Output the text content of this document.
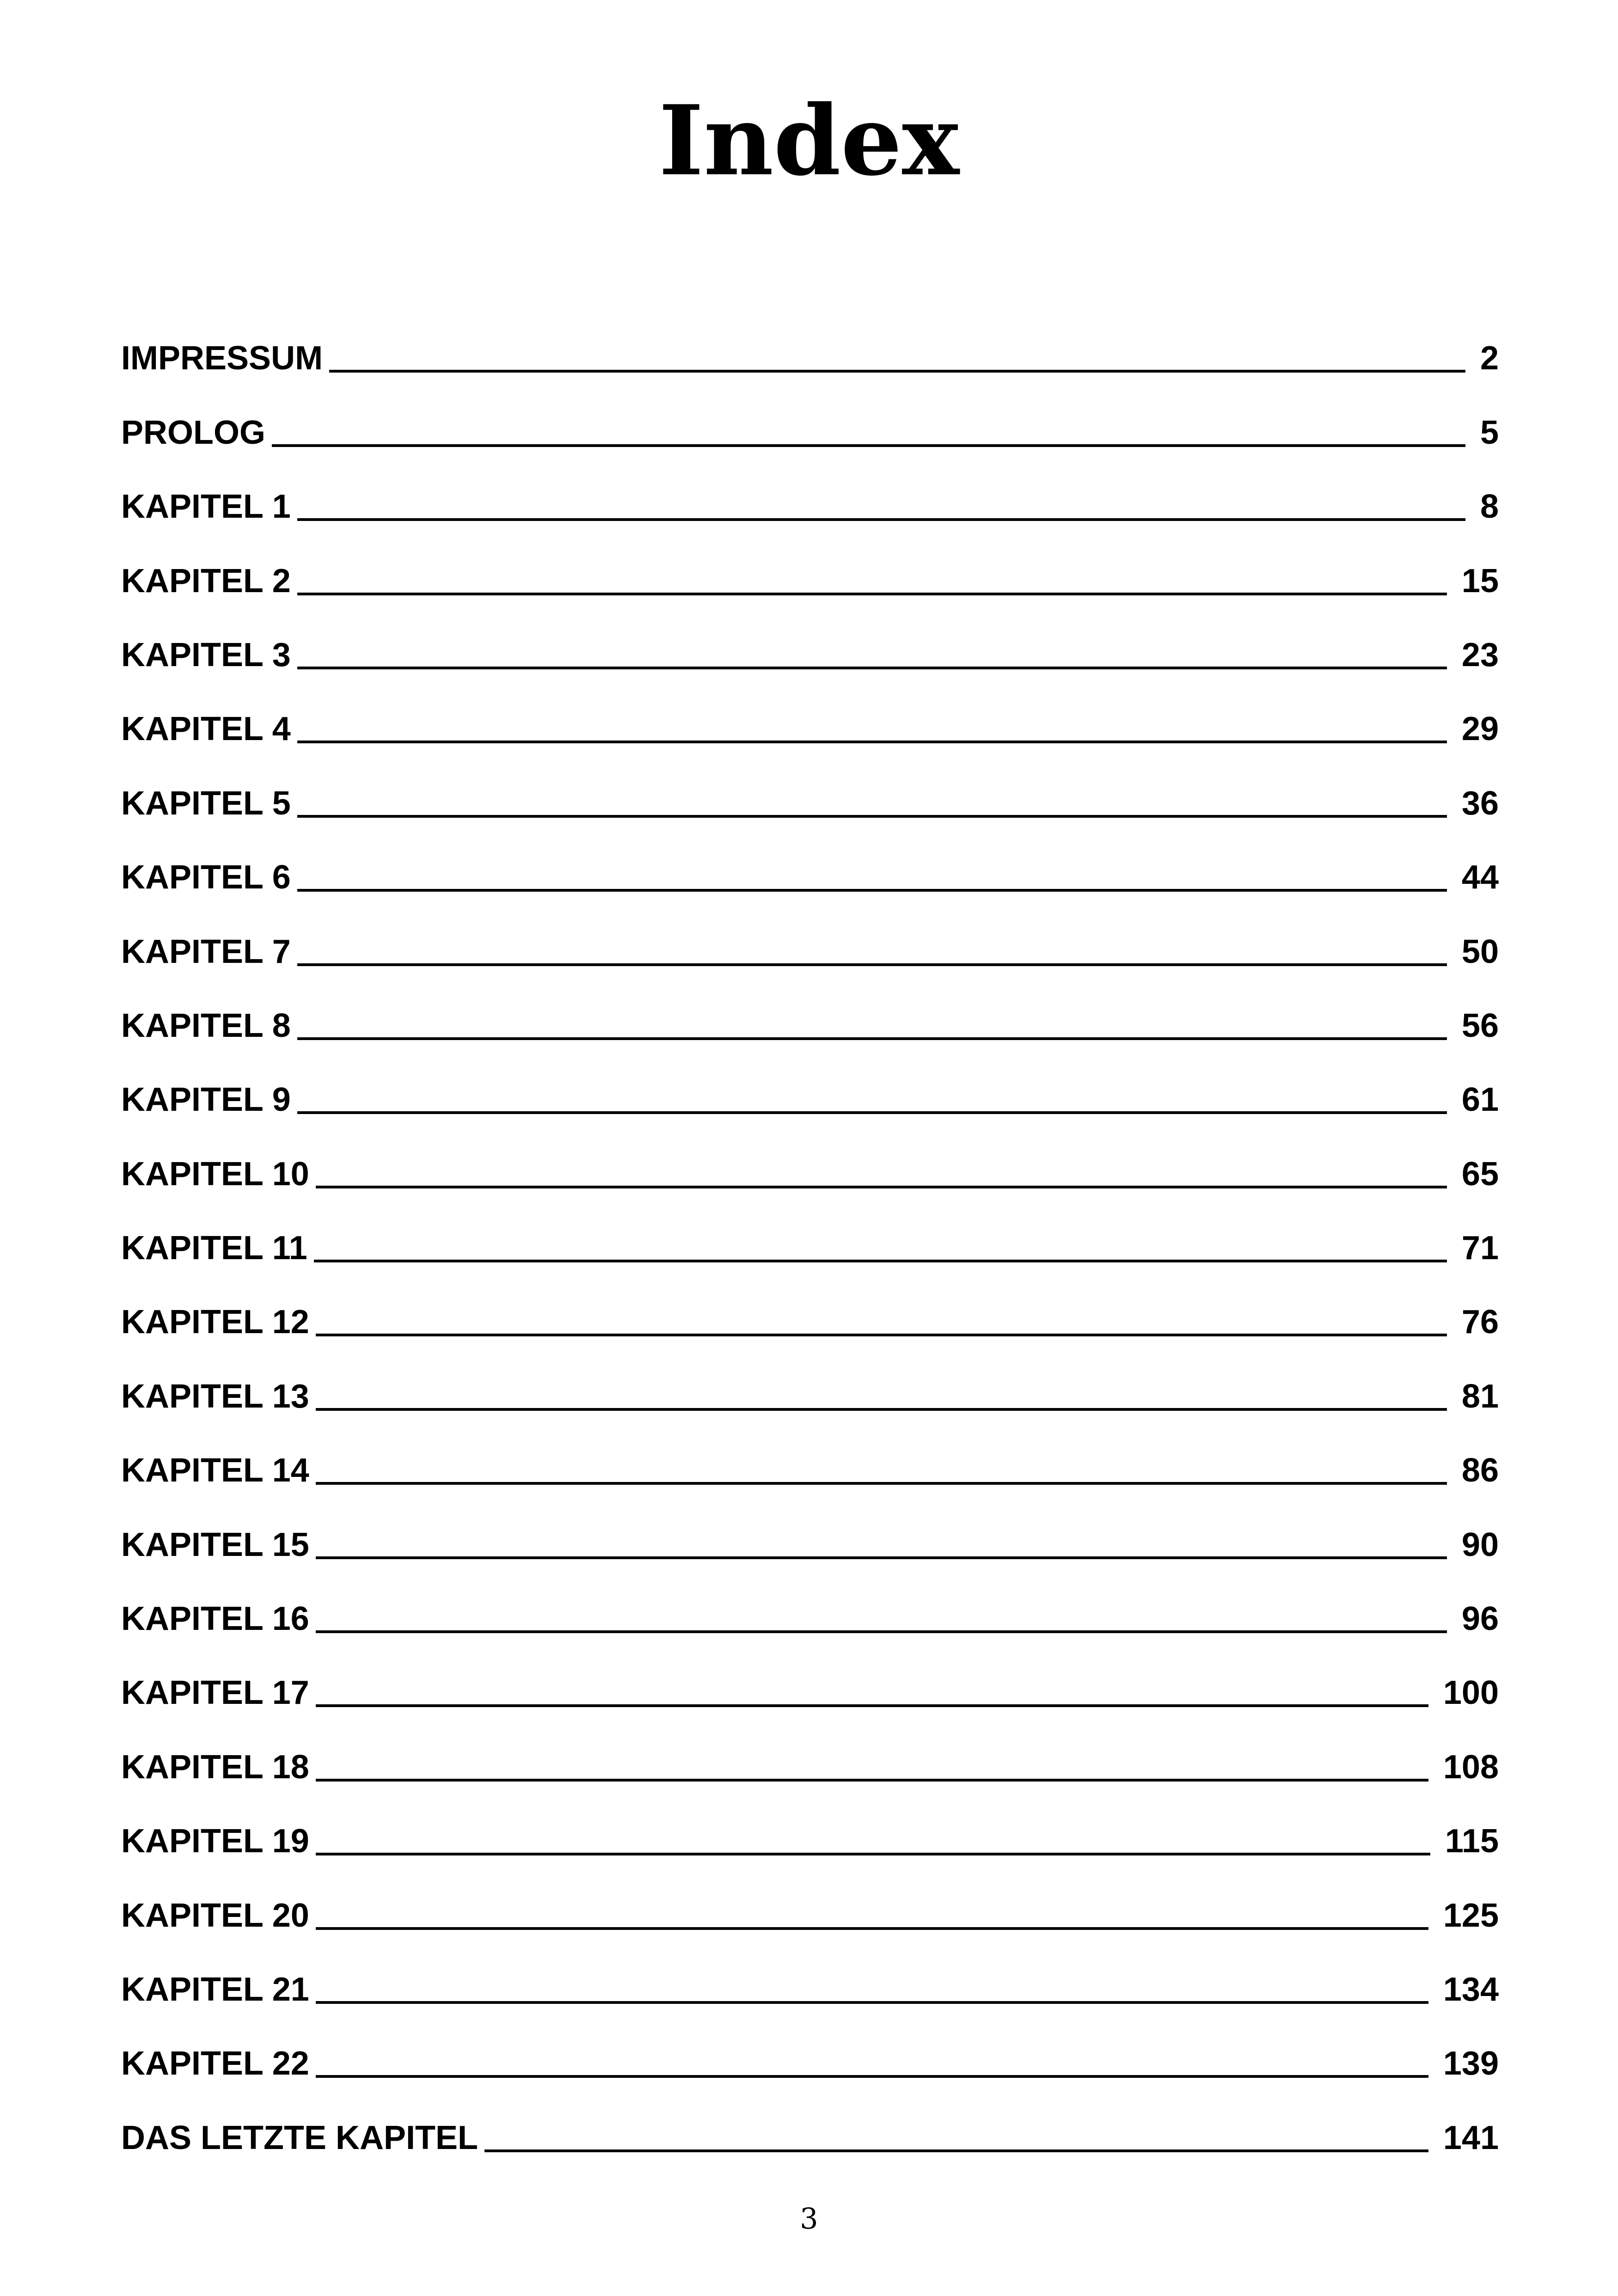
Index
IMPRESSUM	2
PROLOG	5
KAPITEL 1	8
KAPITEL 2	15
KAPITEL 3	23
KAPITEL 4	29
KAPITEL 5	36
KAPITEL 6	44
KAPITEL 7	50
KAPITEL 8	56
KAPITEL 9	61
KAPITEL 10	65
KAPITEL 11	71
KAPITEL 12	76
KAPITEL 13	81
KAPITEL 14	86
KAPITEL 15	90
KAPITEL 16	96
KAPITEL 17	100
KAPITEL 18	108
KAPITEL 19	115
KAPITEL 20	125
KAPITEL 21	134
KAPITEL 22	139
DAS LETZTE KAPITEL	141
3
